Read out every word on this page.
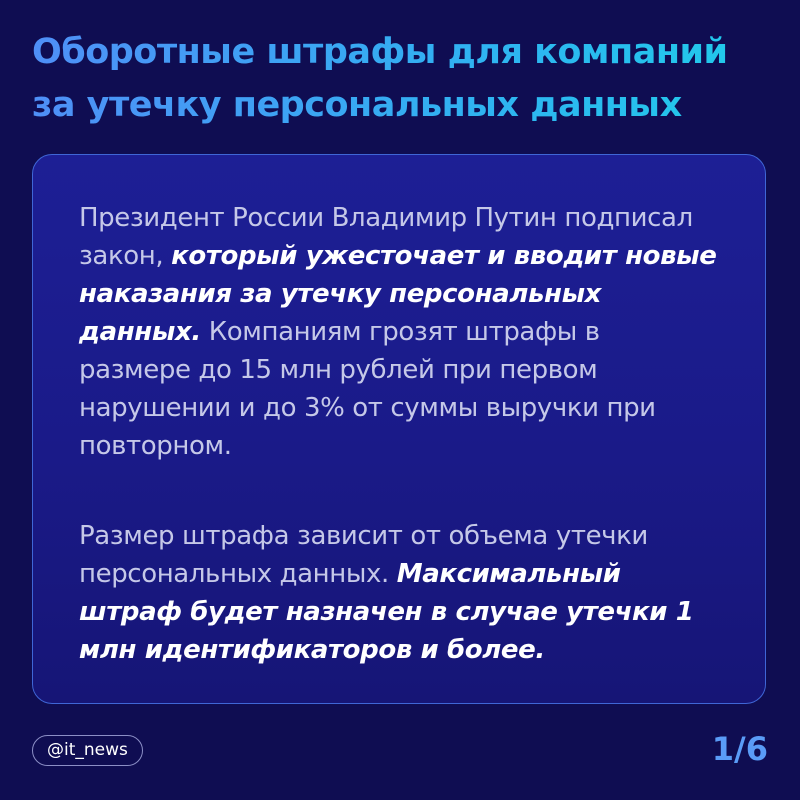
Оборотные штрафы для компаний за утечку персональных данных

Президент России Владимир Путин подписал закон, который ужесточает и вводит новые наказания за утечку персональных данных. Компаниям грозят штрафы в размере до 15 млн рублей при первом нарушении и до 3% от суммы выручки при повторном.

Размер штрафа зависит от объема утечки персональных данных. Максимальный штраф будет назначен в случае утечки 1 млн идентификаторов и более.

@it_news	1/6
